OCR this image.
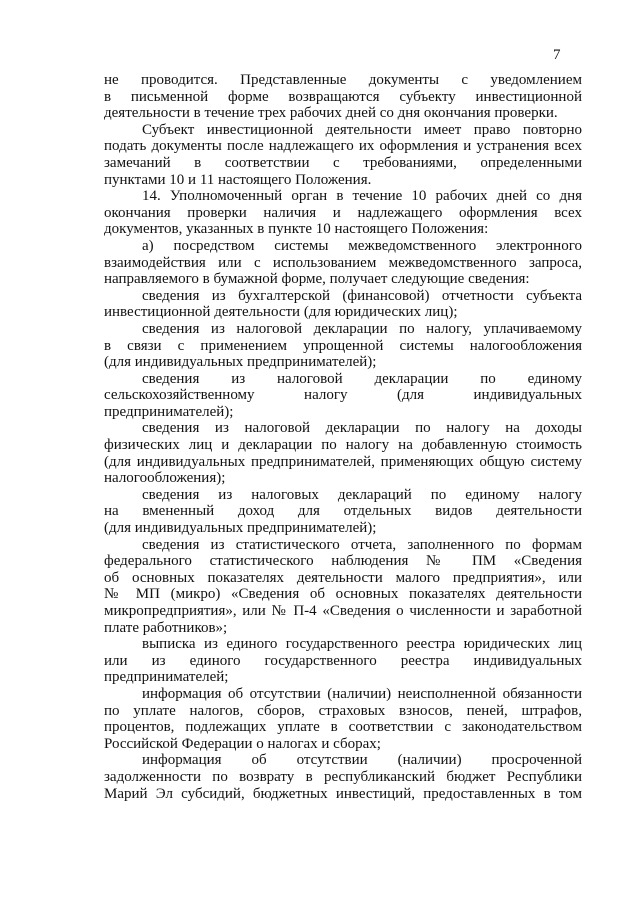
7
не проводится. Представленные документы с уведомлением
в письменной форме возвращаются субъекту инвестиционной
деятельности в течение трех рабочих дней со дня окончания проверки.
Субъект инвестиционной деятельности имеет право повторно
подать документы после надлежащего их оформления и устранения всех
замечаний в соответствии с требованиями, определенными
пунктами 10 и 11 настоящего Положения.
14. Уполномоченный орган в течение 10 рабочих дней со дня
окончания проверки наличия и надлежащего оформления всех
документов, указанных в пункте 10 настоящего Положения:
а) посредством системы межведомственного электронного
взаимодействия или с использованием межведомственного запроса,
направляемого в бумажной форме, получает следующие сведения:
сведения из бухгалтерской (финансовой) отчетности субъекта
инвестиционной деятельности (для юридических лиц);
сведения из налоговой декларации по налогу, уплачиваемому
в связи с применением упрощенной системы налогообложения
(для индивидуальных предпринимателей);
сведения из налоговой декларации по единому
сельскохозяйственному налогу (для индивидуальных
предпринимателей);
сведения из налоговой декларации по налогу на доходы
физических лиц и декларации по налогу на добавленную стоимость
(для индивидуальных предпринимателей, применяющих общую систему
налогообложения);
сведения из налоговых деклараций по единому налогу
на вмененный доход для отдельных видов деятельности
(для индивидуальных предпринимателей);
сведения из статистического отчета, заполненного по формам
федерального статистического наблюдения № ПМ «Сведения
об основных показателях деятельности малого предприятия», или
№ МП (микро) «Сведения об основных показателях деятельности
микропредприятия», или № П-4 «Сведения о численности и заработной
плате работников»;
выписка из единого государственного реестра юридических лиц
или из единого государственного реестра индивидуальных
предпринимателей;
информация об отсутствии (наличии) неисполненной обязанности
по уплате налогов, сборов, страховых взносов, пеней, штрафов,
процентов, подлежащих уплате в соответствии с законодательством
Российской Федерации о налогах и сборах;
информация об отсутствии (наличии) просроченной
задолженности по возврату в республиканский бюджет Республики
Марий Эл субсидий, бюджетных инвестиций, предоставленных в том
